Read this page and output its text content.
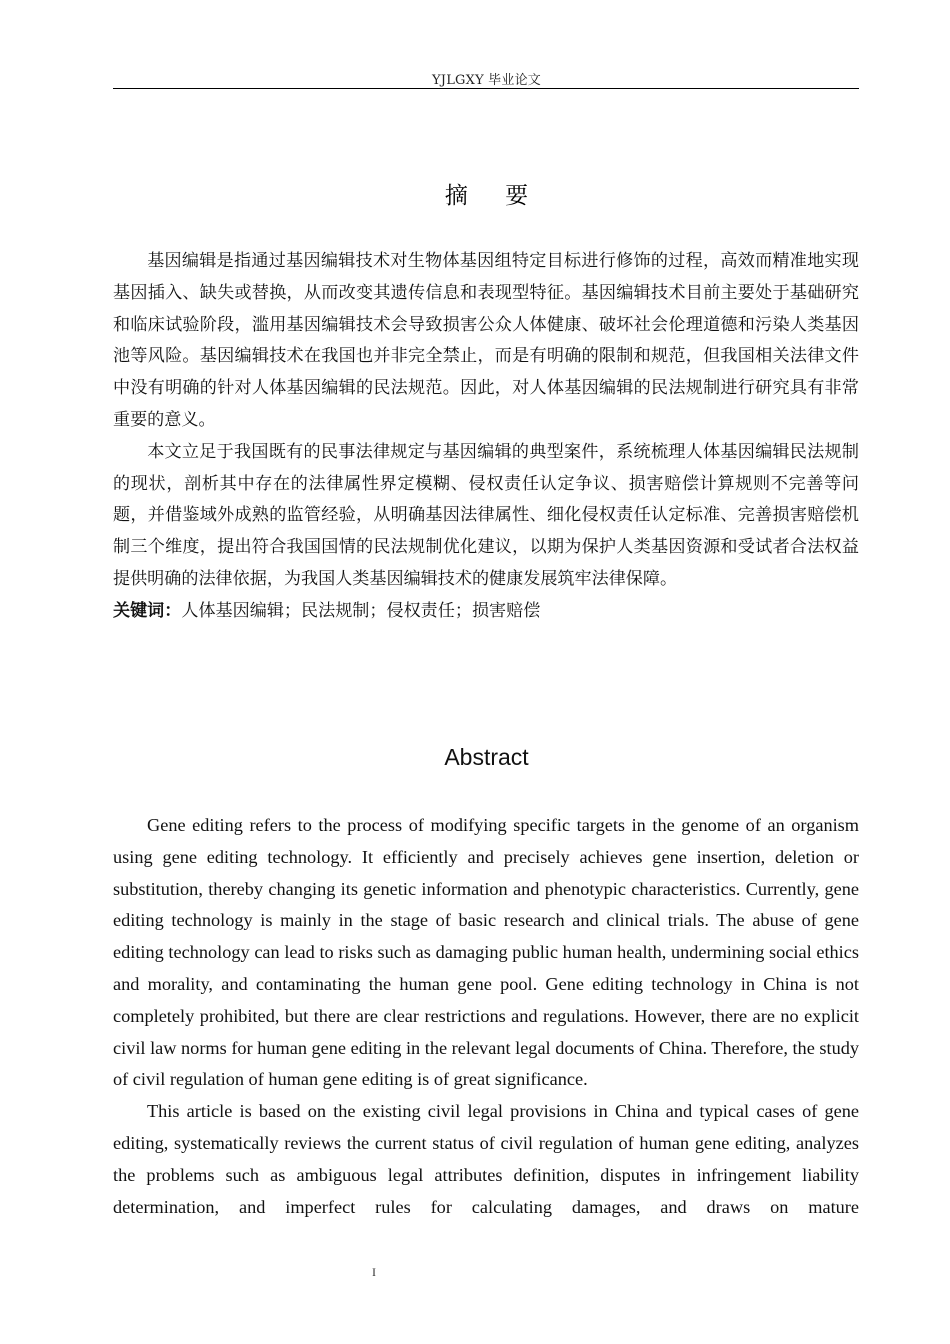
YJLGXY 毕业论文
摘 要

基因编辑是指通过基因编辑技术对生物体基因组特定目标进行修饰的过程，高效而精准地实现基因插入、缺失或替换，从而改变其遗传信息和表现型特征。基因编辑技术目前主要处于基础研究和临床试验阶段，滥用基因编辑技术会导致损害公众人体健康、破坏社会伦理道德和污染人类基因池等风险。基因编辑技术在我国也并非完全禁止，而是有明确的限制和规范，但我国相关法律文件中没有明确的针对人体基因编辑的民法规范。因此，对人体基因编辑的民法规制进行研究具有非常重要的意义。

本文立足于我国既有的民事法律规定与基因编辑的典型案件，系统梳理人体基因编辑民法规制的现状，剖析其中存在的法律属性界定模糊、侵权责任认定争议、损害赔偿计算规则不完善等问题，并借鉴域外成熟的监管经验，从明确基因法律属性、细化侵权责任认定标准、完善损害赔偿机制三个维度，提出符合我国国情的民法规制优化建议，以期为保护人类基因资源和受试者合法权益提供明确的法律依据，为我国人类基因编辑技术的健康发展筑牢法律保障。

关键词：人体基因编辑；民法规制；侵权责任；损害赔偿

Abstract

Gene editing refers to the process of modifying specific targets in the genome of an organism using gene editing technology. It efficiently and precisely achieves gene insertion, deletion or substitution, thereby changing its genetic information and phenotypic characteristics. Currently, gene editing technology is mainly in the stage of basic research and clinical trials. The abuse of gene editing technology can lead to risks such as damaging public human health, undermining social ethics and morality, and contaminating the human gene pool. Gene editing technology in China is not completely prohibited, but there are clear restrictions and regulations. However, there are no explicit civil law norms for human gene editing in the relevant legal documents of China. Therefore, the study of civil regulation of human gene editing is of great significance.

This article is based on the existing civil legal provisions in China and typical cases of gene editing, systematically reviews the current status of civil regulation of human gene editing, analyzes the problems such as ambiguous legal attributes definition, disputes in infringement liability determination, and imperfect rules for calculating damages, and draws on mature

I
